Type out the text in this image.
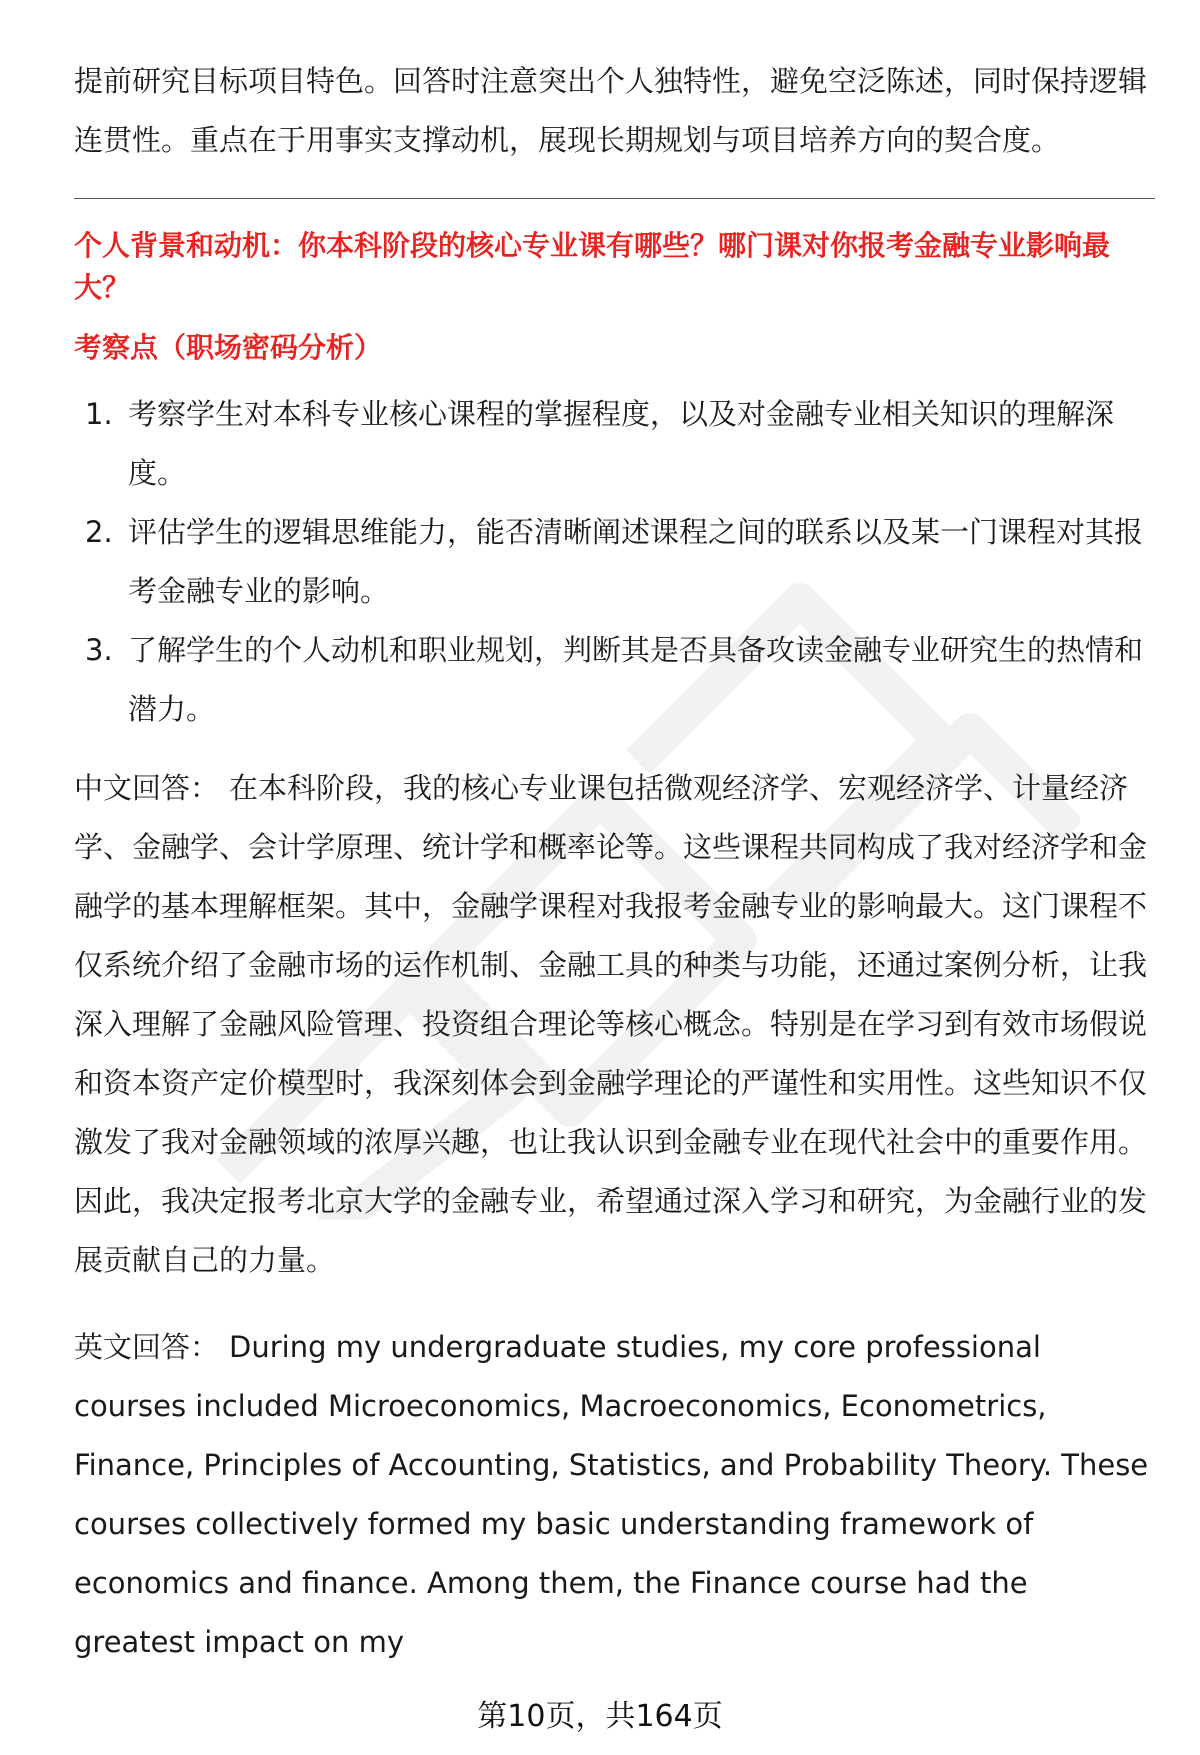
提前研究目标项目特色。回答时注意突出个人独特性，避免空泛陈述，同时保持逻辑连贯性。重点在于用事实支撑动机，展现长期规划与项目培养方向的契合度。

个人背景和动机：你本科阶段的核心专业课有哪些？哪门课对你报考金融专业影响最大？

考察点（职场密码分析）

1. 考察学生对本科专业核心课程的掌握程度，以及对金融专业相关知识的理解深度。
2. 评估学生的逻辑思维能力，能否清晰阐述课程之间的联系以及某一门课程对其报考金融专业的影响。
3. 了解学生的个人动机和职业规划，判断其是否具备攻读金融专业研究生的热情和潜力。

中文回答： 在本科阶段，我的核心专业课包括微观经济学、宏观经济学、计量经济学、金融学、会计学原理、统计学和概率论等。这些课程共同构成了我对经济学和金融学的基本理解框架。其中，金融学课程对我报考金融专业的影响最大。这门课程不仅系统介绍了金融市场的运作机制、金融工具的种类与功能，还通过案例分析，让我深入理解了金融风险管理、投资组合理论等核心概念。特别是在学习到有效市场假说和资本资产定价模型时，我深刻体会到金融学理论的严谨性和实用性。这些知识不仅激发了我对金融领域的浓厚兴趣，也让我认识到金融专业在现代社会中的重要作用。因此，我决定报考北京大学的金融专业，希望通过深入学习和研究，为金融行业的发展贡献自己的力量。

英文回答： During my undergraduate studies, my core professional courses included Microeconomics, Macroeconomics, Econometrics, Finance, Principles of Accounting, Statistics, and Probability Theory. These courses collectively formed my basic understanding framework of economics and finance. Among them, the Finance course had the greatest impact on my

第10页，共164页
